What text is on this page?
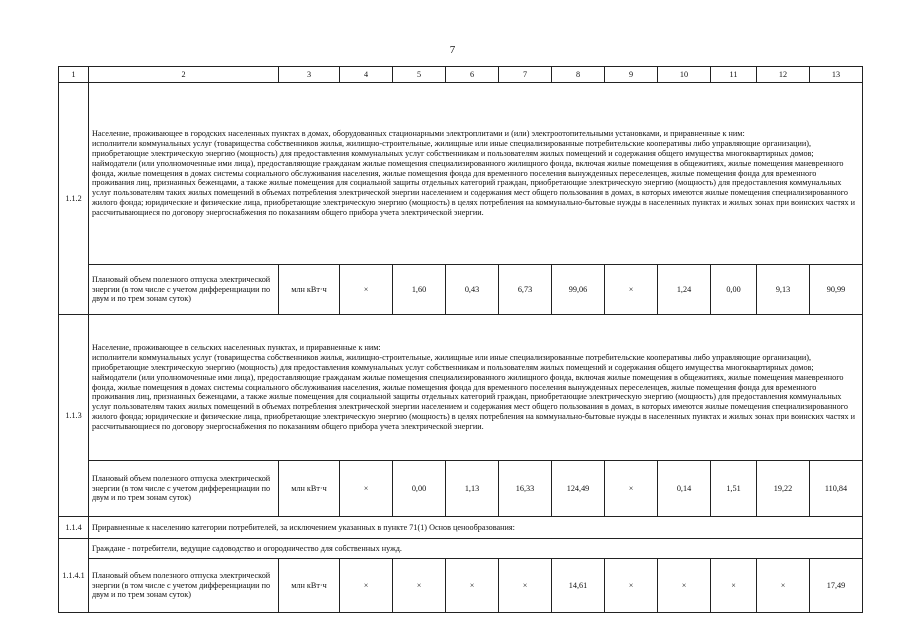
7
1	2	3	4	5	6	7	8	9	10	11	12	13
1.1.2	Население, проживающее в городских населенных пунктах в домах, оборудованных стационарными электроплитами и (или) электроотопительными установками, и приравненные к ним:

исполнители коммунальных услуг (товарищества собственников жилья, жилищно-строительные, жилищные или иные специализированные потребительские кооперативы либо управляющие организации), приобретающие электрическую энергию (мощность) для предоставления коммунальных услуг собственникам и пользователям жилых помещений и содержания общего имущества многоквартирных домов; наймодатели (или уполномоченные ими лица), предоставляющие гражданам жилые помещения специализированного жилищного фонда, включая жилые помещения в общежитиях, жилые помещения маневренного фонда, жилые помещения в домах системы социального обслуживания населения, жилые помещения фонда для временного поселения вынужденных переселенцев, жилые помещения фонда для временного проживания лиц, признанных беженцами, а также жилые помещения для социальной защиты отдельных категорий граждан, приобретающие электрическую энергию (мощность) для предоставления коммунальных услуг пользователям таких жилых помещений в объемах потребления электрической энергии населением и содержания мест общего пользования в домах, в которых имеются жилые помещения специализированного жилого фонда; юридические и физические лица, приобретающие электрическую энергию (мощность) в целях потребления на коммунально-бытовые нужды в населенных пунктах и жилых зонах при воинских частях и рассчитывающиеся по договору энергоснабжения по показаниям общего прибора учета электрической энергии.											

	Плановый объем полезного отпуска электрической энергии (в том числе с учетом дифференциации по двум и по трем зонам суток)	млн кВт·ч	×	1,60	0,43	6,73	99,06	×	1,24	0,00	9,13	90,99
1.1.3	Население, проживающее в сельских населенных пунктах, и приравненные к ним:

исполнители коммунальных услуг (товарищества собственников жилья, жилищно-строительные, жилищные или иные специализированные потребительские кооперативы либо управляющие организации), приобретающие электрическую энергию (мощность) для предоставления коммунальных услуг собственникам и пользователям жилых помещений и содержания общего имущества многоквартирных домов; наймодатели (или уполномоченные ими лица), предоставляющие гражданам жилые помещения специализированного жилищного фонда, включая жилые помещения в общежитиях, жилые помещения маневренного фонда, жилые помещения в домах системы социального обслуживания населения, жилые помещения фонда для временного поселения вынужденных переселенцев, жилые помещения фонда для временного проживания лиц, признанных беженцами, а также жилые помещения для социальной защиты отдельных категорий граждан, приобретающие электрическую энергию (мощность) для предоставления коммунальных услуг пользователям таких жилых помещений в объемах потребления электрической энергии населением и содержания мест общего пользования в домах, в которых имеются жилые помещения специализированного жилого фонда; юридические и физические лица, приобретающие электрическую энергию (мощность) в целях потребления на коммунально-бытовые нужды в населенных пунктах и жилых зонах при воинских частях и рассчитывающиеся по договору энергоснабжения по показаниям общего прибора учета электрической энергии.											

	Плановый объем полезного отпуска электрической энергии (в том числе с учетом дифференциации по двум и по трем зонам суток)	млн кВт·ч	×	0,00	1,13	16,33	124,49	×	0,14	1,51	19,22	110,84
1.1.4	Приравненные к населению категории потребителей, за исключением указанных в пункте 71(1) Основ ценообразования:											
1.1.4.1	Граждане - потребители, ведущие садоводство и огородничество для собственных нужд.											
	Плановый объем полезного отпуска электрической энергии (в том числе с учетом дифференциации по двум и по трем зонам суток)	млн кВт·ч	×	×	×	×	14,61	×	×	×	×	17,49
